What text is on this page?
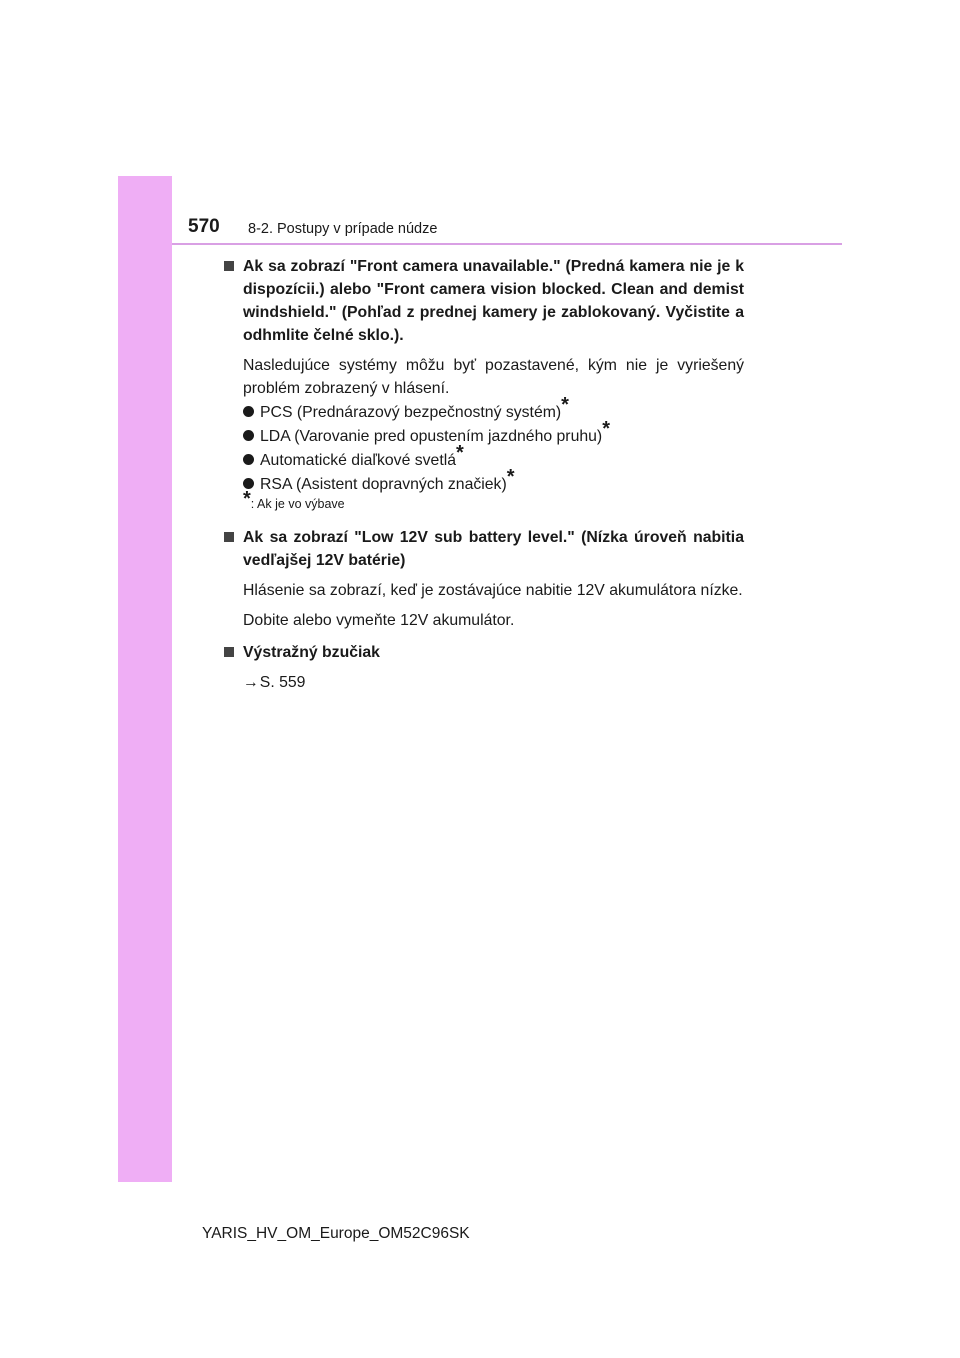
570 8-2. Postupy v prípade núdze
Ak sa zobrazí "Front camera unavailable." (Predná kamera nie je k dispozícii.) alebo "Front camera vision blocked. Clean and demist windshield." (Pohľad z prednej kamery je zablokovaný. Vyčistite a odhmlite čelné sklo.).
Nasledujúce systémy môžu byť pozastavené, kým nie je vyriešený problém zobrazený v hlásení.
PCS (Prednárazový bezpečnostný systém) *
LDA (Varovanie pred opustením jazdného pruhu) *
Automatické diaľkové svetlá *
RSA (Asistent dopravných značiek) *
*: Ak je vo výbave
Ak sa zobrazí "Low 12V sub battery level." (Nízka úroveň nabitia vedľajšej 12V batérie)
Hlásenie sa zobrazí, keď je zostávajúce nabitie 12V akumulátora nízke.
Dobite alebo vymeňte 12V akumulátor.
Výstražný bzučiak
→S. 559
YARIS_HV_OM_Europe_OM52C96SK
